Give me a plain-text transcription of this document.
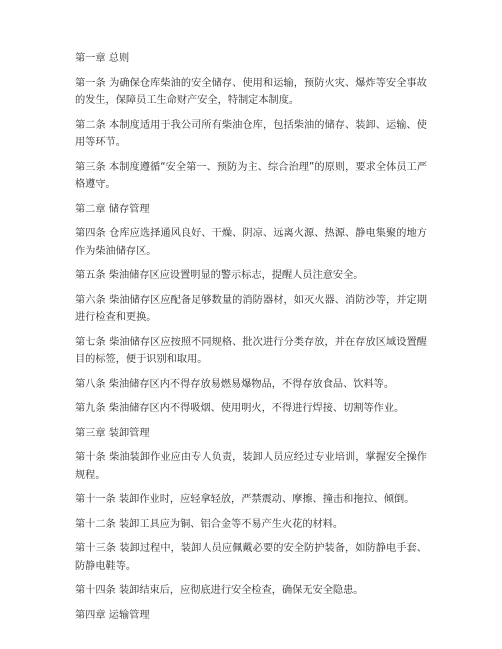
第一章 总则

第一条 为确保仓库柴油的安全储存、使用和运输，预防火灾、爆炸等安全事故的发生，保障员工生命财产安全，特制定本制度。

第二条 本制度适用于我公司所有柴油仓库，包括柴油的储存、装卸、运输、使用等环节。

第三条 本制度遵循“安全第一、预防为主、综合治理”的原则，要求全体员工严格遵守。

第二章 储存管理

第四条 仓库应选择通风良好、干燥、阴凉、远离火源、热源、静电集聚的地方作为柴油储存区。

第五条 柴油储存区应设置明显的警示标志，提醒人员注意安全。

第六条 柴油储存区应配备足够数量的消防器材，如灭火器、消防沙等，并定期进行检查和更换。

第七条 柴油储存区应按照不同规格、批次进行分类存放，并在存放区域设置醒目的标签，便于识别和取用。

第八条 柴油储存区内不得存放易燃易爆物品，不得存放食品、饮料等。

第九条 柴油储存区内不得吸烟、使用明火，不得进行焊接、切割等作业。

第三章 装卸管理

第十条 柴油装卸作业应由专人负责，装卸人员应经过专业培训，掌握安全操作规程。

第十一条 装卸作业时，应轻拿轻放，严禁震动、摩擦、撞击和拖拉、倾倒。

第十二条 装卸工具应为铜、铝合金等不易产生火花的材料。

第十三条 装卸过程中，装卸人员应佩戴必要的安全防护装备，如防静电手套、防静电鞋等。

第十四条 装卸结束后，应彻底进行安全检查，确保无安全隐患。

第四章 运输管理
